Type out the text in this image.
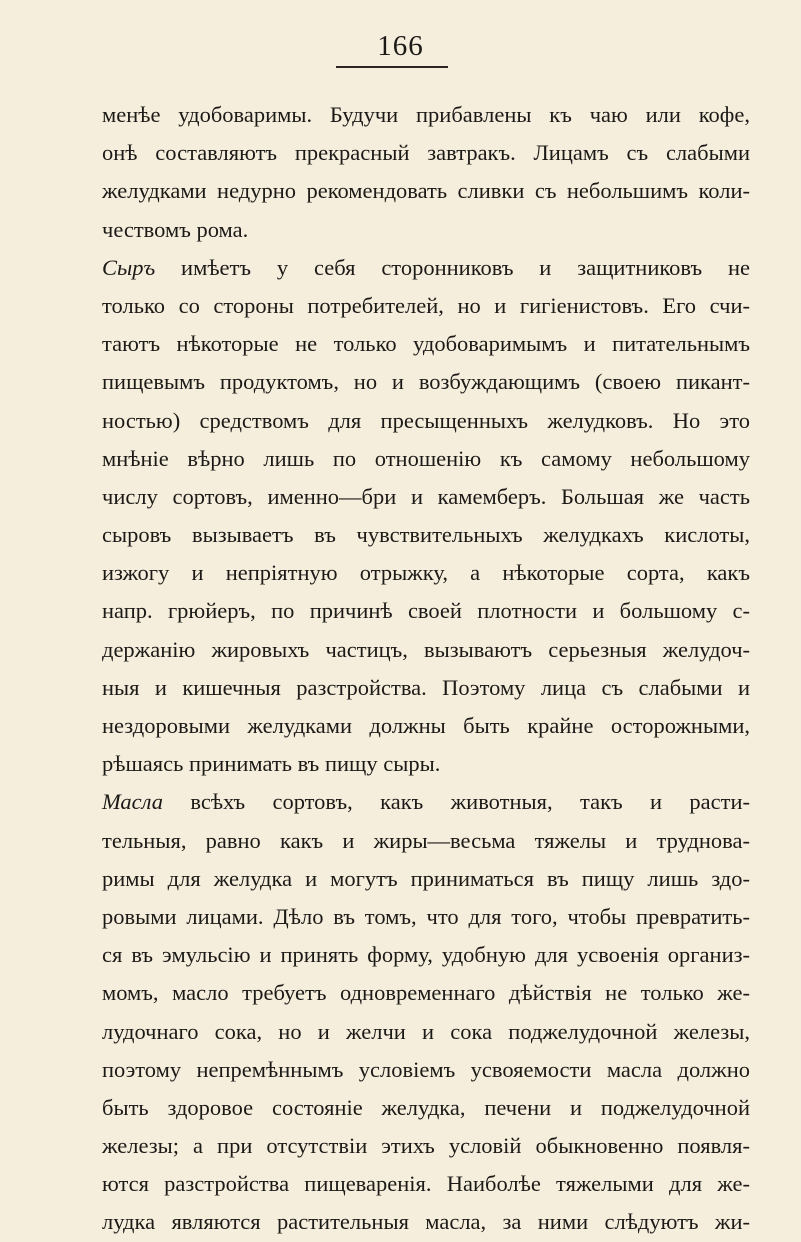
166
менѣе удобоваримы. Будучи прибавлены къ чаю или кофе,
онѣ составляютъ прекрасный завтракъ. Лицамъ съ слабыми
желудками недурно рекомендовать сливки съ небольшимъ коли-
чествомъ рома.
Сыръ имѣетъ у себя сторонниковъ и защитниковъ не
только со стороны потребителей, но и гигіенистовъ. Его счи-
таютъ нѣкоторые не только удобоваримымъ и питательнымъ
пищевымъ продуктомъ, но и возбуждающимъ (своею пикант-
ностью) средствомъ для пресыщенныхъ желудковъ. Но это
мнѣніе вѣрно лишь по отношенію къ самому небольшому
числу сортовъ, именно—бри и камемберъ. Большая же часть
сыровъ вызываетъ въ чувствительныхъ желудкахъ кислоты,
изжогу и непріятную отрыжку, а нѣкоторые сорта, какъ
напр. грюйеръ, по причинѣ своей плотности и большому с-
держанію жировыхъ частицъ, вызываютъ серьезныя желудоч-
ныя и кишечныя разстройства. Поэтому лица съ слабыми и
нездоровыми желудками должны быть крайне осторожными,
рѣшаясь принимать въ пищу сыры.
Масла всѣхъ сортовъ, какъ животныя, такъ и расти-
тельныя, равно какъ и жиры—весьма тяжелы и труднова-
римы для желудка и могутъ приниматься въ пищу лишь здо-
ровыми лицами. Дѣло въ томъ, что для того, чтобы превратить-
ся въ эмульсію и принять форму, удобную для усвоенія организ-
момъ, масло требуетъ одновременнаго дѣйствія не только же-
лудочнаго сока, но и желчи и сока поджелудочной железы,
поэтому непремѣннымъ условіемъ усвояемости масла должно
быть здоровое состояніе желудка, печени и поджелудочной
железы; а при отсутствіи этихъ условій обыкновенно появля-
ются разстройства пищеваренія. Наиболѣе тяжелыми для же-
лудка являются растительныя масла, за ними слѣдуютъ жи-
